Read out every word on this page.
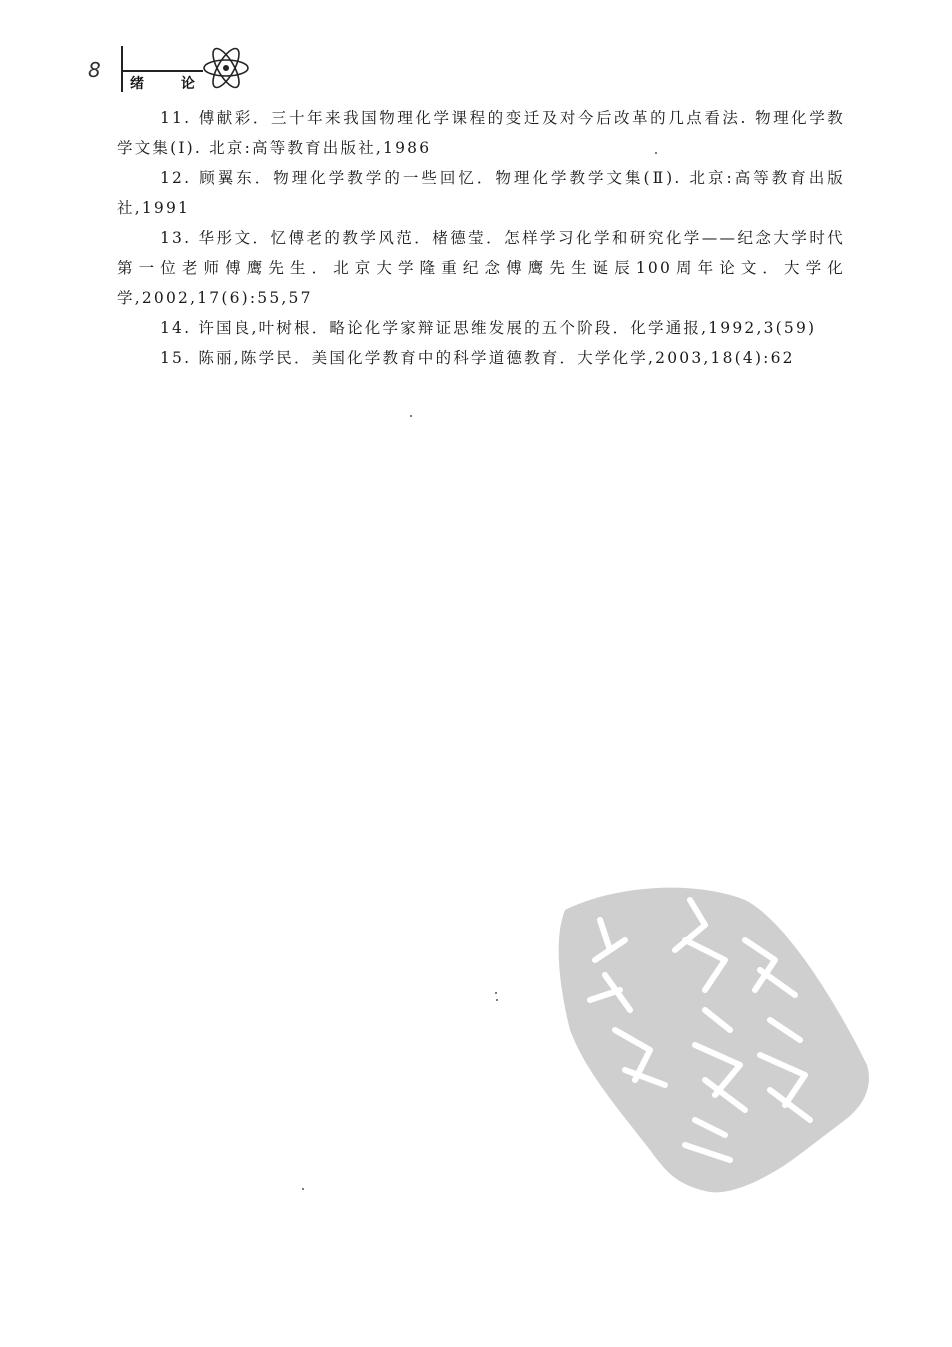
8
绪 论

11. 傅献彩．三十年来我国物理化学课程的变迁及对今后改革的几点看法. 物理化学教学文集(Ⅰ). 北京:高等教育出版社,1986

12. 顾翼东．物理化学教学的一些回忆．物理化学教学文集(Ⅱ). 北京:高等教育出版社,1991

13. 华彤文．忆傅老的教学风范．楮德莹．怎样学习化学和研究化学——纪念大学时代第一位老师傅鹰先生．北京大学隆重纪念傅鹰先生诞辰100周年论文．大学化学,2002,17(6):55,57

14. 许国良,叶树根．略论化学家辩证思维发展的五个阶段．化学通报,1992,3(59)

15. 陈丽,陈学民．美国化学教育中的科学道德教育．大学化学,2003,18(4):62
